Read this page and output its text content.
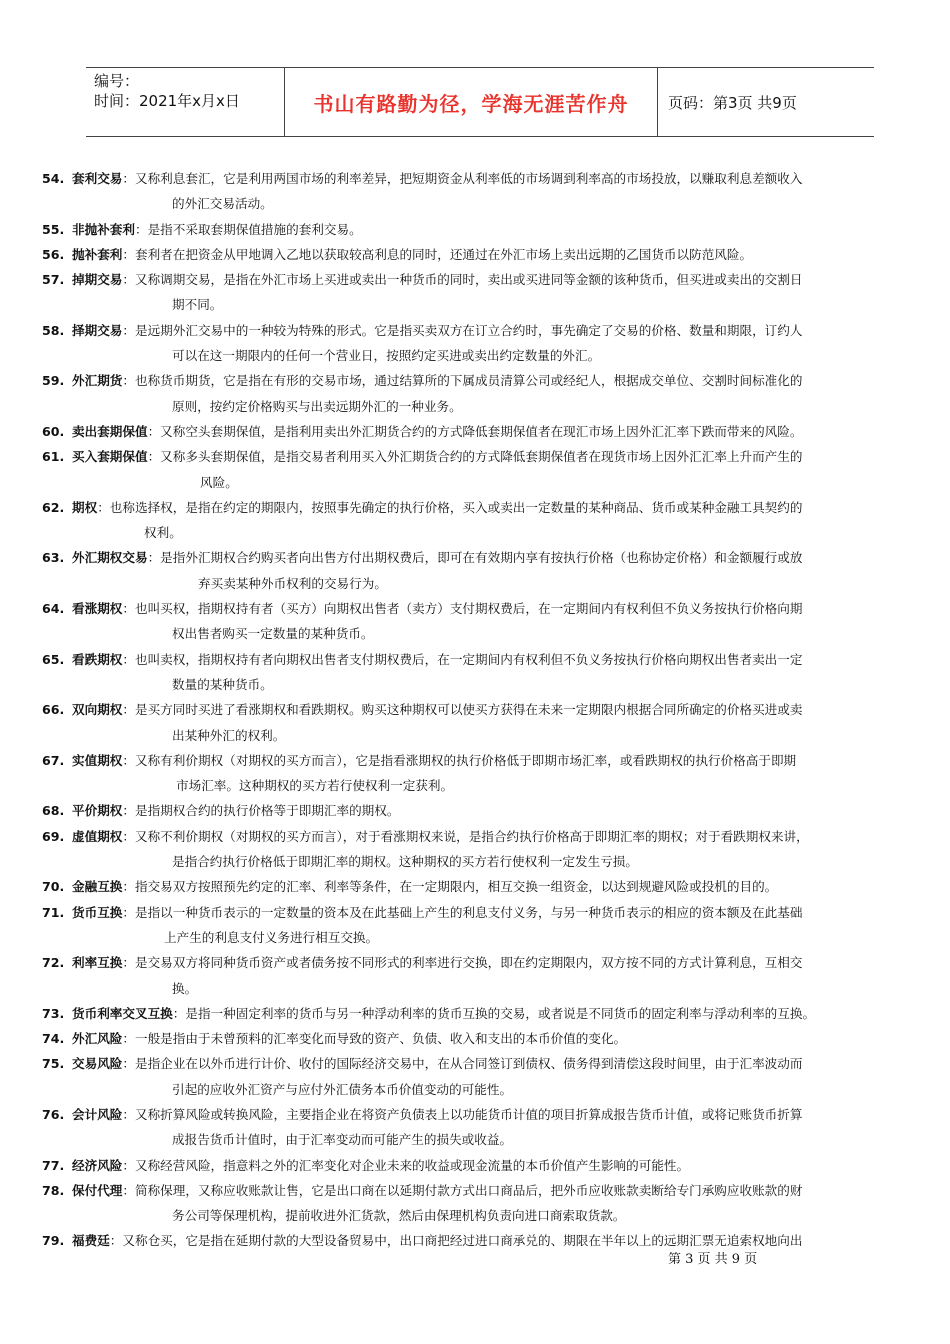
编号：
时间：2021年x月x日	书山有路勤为径，学海无涯苦作舟	页码：第3页 共9页
54. 套利交易：又称利息套汇，它是利用两国市场的利率差异，把短期资金从利率低的市场调到利率高的市场投放，以赚取利息差额收入
的外汇交易活动。
55. 非抛补套利：是指不采取套期保值措施的套利交易。
56. 抛补套利：套利者在把资金从甲地调入乙地以获取较高利息的同时，还通过在外汇市场上卖出远期的乙国货币以防范风险。
57. 掉期交易：又称调期交易，是指在外汇市场上买进或卖出一种货币的同时，卖出或买进同等金额的该种货币，但买进或卖出的交割日
期不同。
58. 择期交易：是远期外汇交易中的一种较为特殊的形式。它是指买卖双方在订立合约时，事先确定了交易的价格、数量和期限，订约人
可以在这一期限内的任何一个营业日，按照约定买进或卖出约定数量的外汇。
59. 外汇期货：也称货币期货，它是指在有形的交易市场，通过结算所的下属成员清算公司或经纪人，根据成交单位、交割时间标准化的
原则，按约定价格购买与出卖远期外汇的一种业务。
60. 卖出套期保值：又称空头套期保值，是指利用卖出外汇期货合约的方式降低套期保值者在现汇市场上因外汇汇率下跌而带来的风险。
61. 买入套期保值：又称多头套期保值，是指交易者利用买入外汇期货合约的方式降低套期保值者在现货市场上因外汇汇率上升而产生的
风险。
62. 期权：也称选择权，是指在约定的期限内，按照事先确定的执行价格，买入或卖出一定数量的某种商品、货币或某种金融工具契约的
权利。
63. 外汇期权交易：是指外汇期权合约购买者向出售方付出期权费后，即可在有效期内享有按执行价格（也称协定价格）和金额履行或放
弃买卖某种外币权利的交易行为。
64. 看涨期权：也叫买权，指期权持有者（买方）向期权出售者（卖方）支付期权费后，在一定期间内有权利但不负义务按执行价格向期
权出售者购买一定数量的某种货币。
65. 看跌期权：也叫卖权，指期权持有者向期权出售者支付期权费后，在一定期间内有权利但不负义务按执行价格向期权出售者卖出一定
数量的某种货币。
66. 双向期权：是买方同时买进了看涨期权和看跌期权。购买这种期权可以使买方获得在未来一定期限内根据合同所确定的价格买进或卖
出某种外汇的权利。
67. 实值期权：又称有利价期权（对期权的买方而言），它是指看涨期权的执行价格低于即期市场汇率，或看跌期权的执行价格高于即期
市场汇率。这种期权的买方若行使权利一定获利。
68. 平价期权：是指期权合约的执行价格等于即期汇率的期权。
69. 虚值期权：又称不利价期权（对期权的买方而言），对于看涨期权来说，是指合约执行价格高于即期汇率的期权；对于看跌期权来讲，
是指合约执行价格低于即期汇率的期权。这种期权的买方若行使权利一定发生亏损。
70. 金融互换：指交易双方按照预先约定的汇率、利率等条件，在一定期限内，相互交换一组资金，以达到规避风险或投机的目的。
71. 货币互换：是指以一种货币表示的一定数量的资本及在此基础上产生的利息支付义务，与另一种货币表示的相应的资本额及在此基础
上产生的利息支付义务进行相互交换。
72. 利率互换：是交易双方将同种货币资产或者债务按不同形式的利率进行交换，即在约定期限内，双方按不同的方式计算利息，互相交
换。
73. 货币利率交叉互换：是指一种固定利率的货币与另一种浮动利率的货币互换的交易，或者说是不同货币的固定利率与浮动利率的互换。
74. 外汇风险：一般是指由于未曾预料的汇率变化而导致的资产、负债、收入和支出的本币价值的变化。
75. 交易风险：是指企业在以外币进行计价、收付的国际经济交易中，在从合同签订到债权、债务得到清偿这段时间里，由于汇率波动而
引起的应收外汇资产与应付外汇债务本币价值变动的可能性。
76. 会计风险：又称折算风险或转换风险，主要指企业在将资产负债表上以功能货币计值的项目折算成报告货币计值，或将记账货币折算
成报告货币计值时，由于汇率变动而可能产生的损失或收益。
77. 经济风险：又称经营风险，指意料之外的汇率变化对企业未来的收益或现金流量的本币价值产生影响的可能性。
78. 保付代理：简称保理，又称应收账款让售，它是出口商在以延期付款方式出口商品后，把外币应收账款卖断给专门承购应收账款的财
务公司等保理机构，提前收进外汇货款，然后由保理机构负责向进口商索取货款。
79. 福费廷：又称仓买，它是指在延期付款的大型设备贸易中，出口商把经过进口商承兑的、期限在半年以上的远期汇票无追索权地向出
第 3 页 共 9 页
